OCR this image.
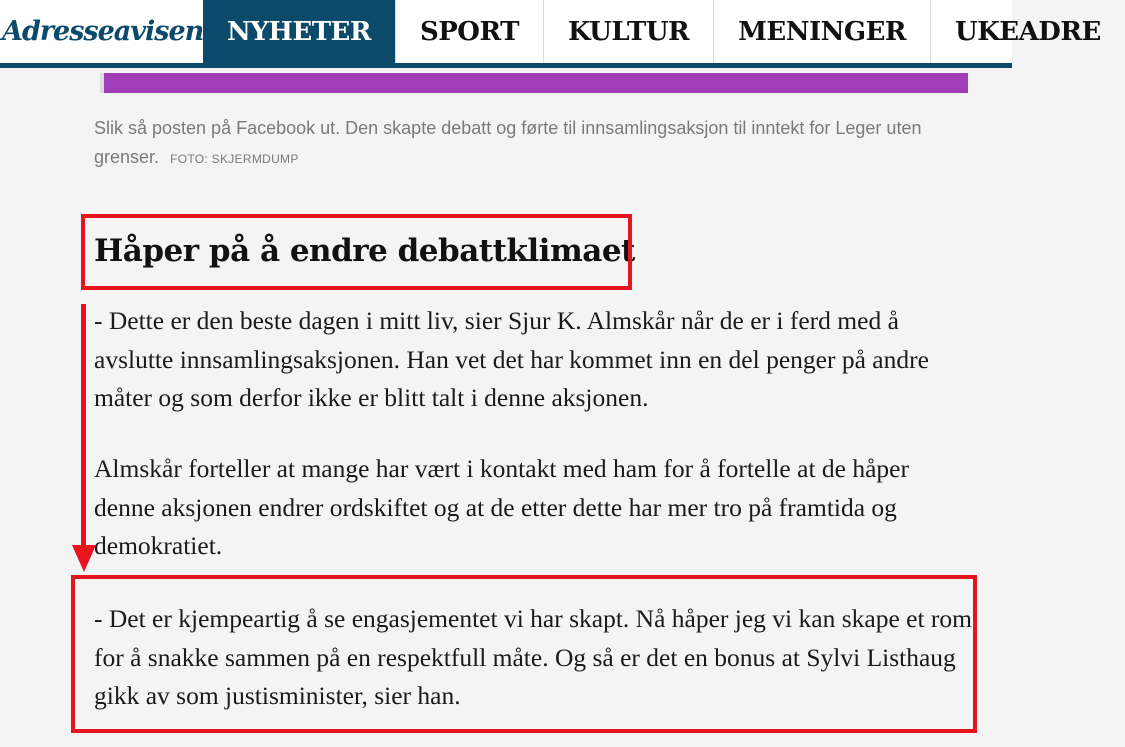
Adresseavisen NYHETER	SPORT	KULTUR	MENINGER	UKEADRE

Slik så posten på Facebook ut. Den skapte debatt og førte til innsamlingsaksjon til inntekt for Leger uten grenser. FOTO: SKJERMDUMP

Håper på å endre debattklimaet

- Dette er den beste dagen i mitt liv, sier Sjur K. Almskår når de er i ferd med å avslutte innsamlingsaksjonen. Han vet det har kommet inn en del penger på andre måter og som derfor ikke er blitt talt i denne aksjonen.

Almskår forteller at mange har vært i kontakt med ham for å fortelle at de håper denne aksjonen endrer ordskiftet og at de etter dette har mer tro på framtida og demokratiet.

- Det er kjempeartig å se engasjementet vi har skapt. Nå håper jeg vi kan skape et rom for å snakke sammen på en respektfull måte. Og så er det en bonus at Sylvi Listhaug gikk av som justisminister, sier han.
